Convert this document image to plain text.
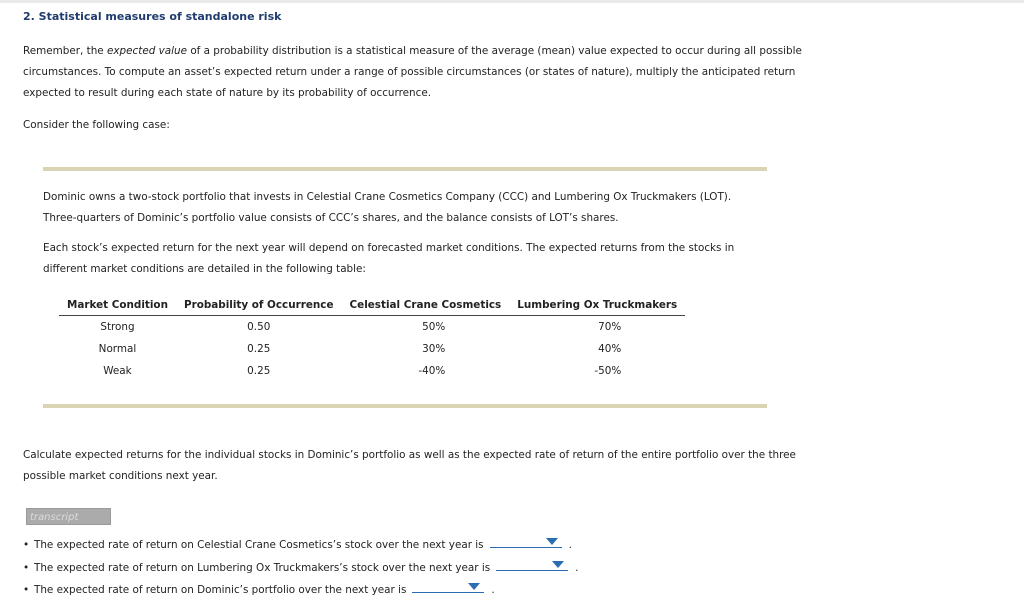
2. Statistical measures of standalone risk
Remember, the expected value of a probability distribution is a statistical measure of the average (mean) value expected to occur during all possible
circumstances. To compute an asset’s expected return under a range of possible circumstances (or states of nature), multiply the anticipated return
expected to result during each state of nature by its probability of occurrence.
Consider the following case:
Dominic owns a two-stock portfolio that invests in Celestial Crane Cosmetics Company (CCC) and Lumbering Ox Truckmakers (LOT).
Three-quarters of Dominic’s portfolio value consists of CCC’s shares, and the balance consists of LOT’s shares.
Each stock’s expected return for the next year will depend on forecasted market conditions. The expected returns from the stocks in
different market conditions are detailed in the following table:
Market Condition	Probability of Occurrence	Celestial Crane Cosmetics	Lumbering Ox Truckmakers
Strong	0.50	50%	70%
Normal	0.25	30%	40%
Weak	0.25	-40%	-50%
Calculate expected returns for the individual stocks in Dominic’s portfolio as well as the expected rate of return of the entire portfolio over the three
possible market conditions next year.
transcript
• The expected rate of return on Celestial Crane Cosmetics’s stock over the next year is	.
• The expected rate of return on Lumbering Ox Truckmakers’s stock over the next year is	.
• The expected rate of return on Dominic’s portfolio over the next year is	.
